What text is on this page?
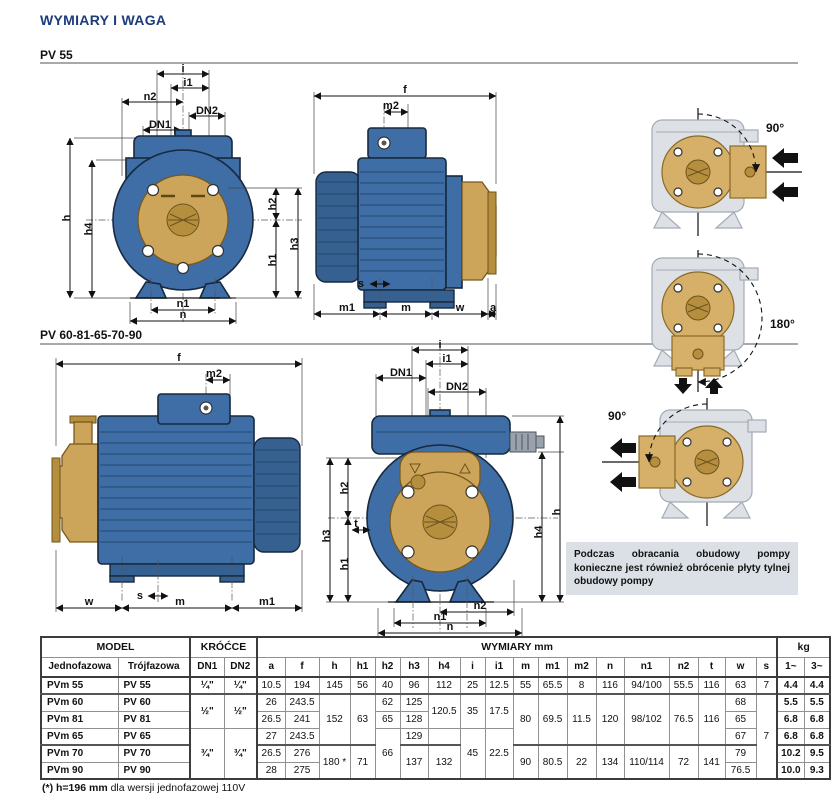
WYMIARY I WAGA
PV 55
i
i1
n2
DN2
DN1
h
h4
h2
h1
h3
n1
n
f
m2
s
m1	m	w a
PV 60-81-65-70-90
f
m2
s
w	m	m1
i
i1
DN1
DN2
h2
h1
h3
t
h4
h
n2
n1
n
90°
180°
90°
Podczas obracania obudowy pompy konieczne jest również obrócenie płyty tylnej obudowy pompy
MODEL		KRÓĆCE		WYMIARY mm																		kg	
Jednofazowa	Trójfazowa	DN1	DN2	a	f	h	h1	h2	h3	h4	i	i1	m	m1	m2	n	n1	n2	t	w	s	1~	3~
PVm 55	PV 55	¼"	¼"	10.5	194	145	56	40	96	112	25	12.5	55	65.5	8	116	94/100	55.5	116	63	7	4.4	4.4
PVm 60	PV 60	½"	½"	26	243.5	152	63	62	125	120.5	35	17.5	80	69.5	11.5	120	98/102	76.5	116	68	7	5.5	5.5
PVm 81	PV 81			26.5	241			65	128											65		6.8	6.8
PVm 65	PV 65	¾"	¾"	27	243.5			66	129		45	22.5								67		6.8	6.8
PVm 70	PV 70			26.5	276	180 *	71		137	132			90	80.5	22	134	110/114	72	141	79		10.2	9.5
PVm 90	PV 90			28	275															76.5		10.0	9.3
(*) h=196 mm dla wersji jednofazowej 110V
